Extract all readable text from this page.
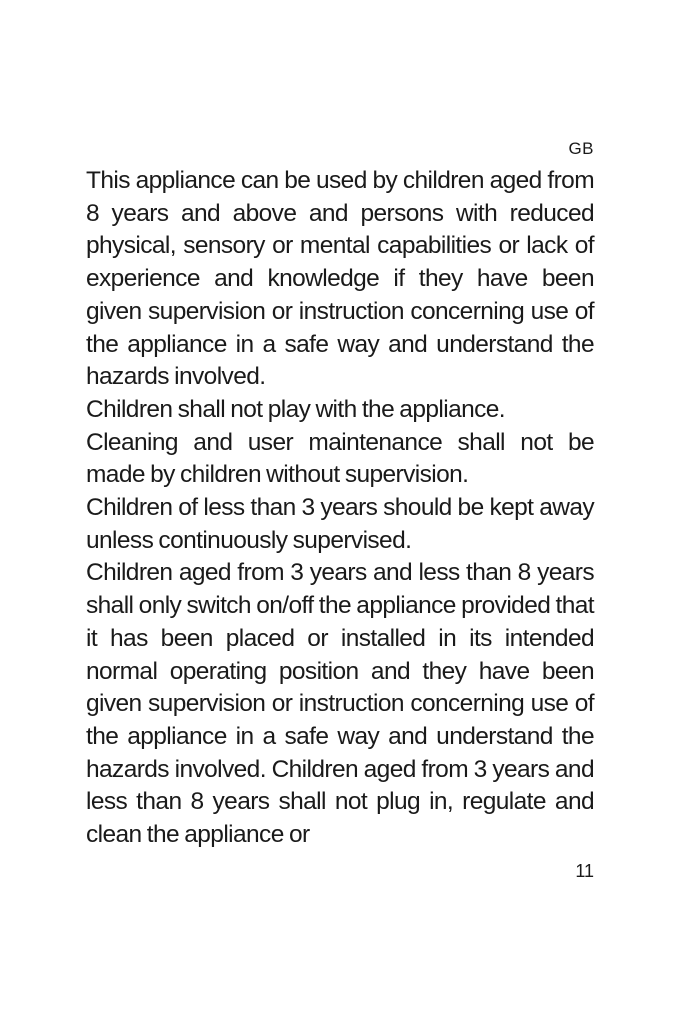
GB

This appliance can be used by children aged from 8 years and above and persons with reduced physical, sensory or mental capabilities or lack of experience and knowledge if they have been given supervision or instruction concerning use of the appliance in a safe way and understand the hazards involved.

Children shall not play with the appliance.

Cleaning and user maintenance shall not be made by children without supervision.

Children of less than 3 years should be kept away unless continuously supervised.

Children aged from 3 years and less than 8 years shall only switch on/off the appliance provided that it has been placed or installed in its intended normal operating position and they have been given supervision or instruction concerning use of the appliance in a safe way and understand the hazards involved. Children aged from 3 years and less than 8 years shall not plug in, regulate and clean the appliance or

11
